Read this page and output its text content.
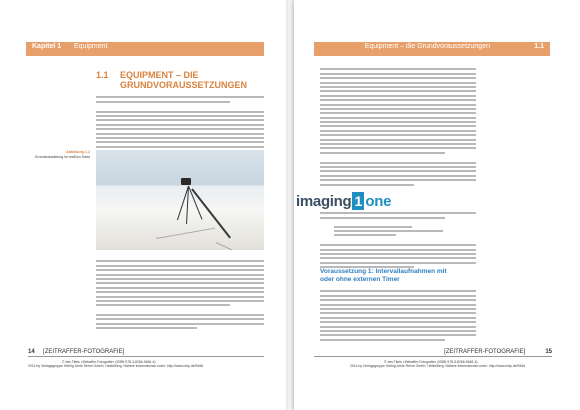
Kapitel 1 Equipment
1.1 EQUIPMENT – DIE
GRUNDVORAUSSETZUNGEN
Abbildung 1.1
Grundausstattung im weißen Salar
14 [ZEITRAFFER-FOTOGRAFIE]
© des Titels »Zeitraffer-Fotografie« (ISBN 978-3-8266-9466-4)
2014 by Verlagsgruppe Hüthig Jehle Rehm GmbH, Heidelberg. Nähere Informationen unter: http://www.mitp.de/9466
Equipment – die Grundvoraussetzungen	1.1
Voraussetzung 1: Intervallaufnahmen mit
oder ohne externen Timer
[ZEITRAFFER-FOTOGRAFIE]	15
© des Titels »Zeitraffer-Fotografie« (ISBN 978-3-8266-9466-4)
2014 by Verlagsgruppe Hüthig Jehle Rehm GmbH, Heidelberg. Nähere Informationen unter: http://www.mitp.de/9466
imaging 1 one
